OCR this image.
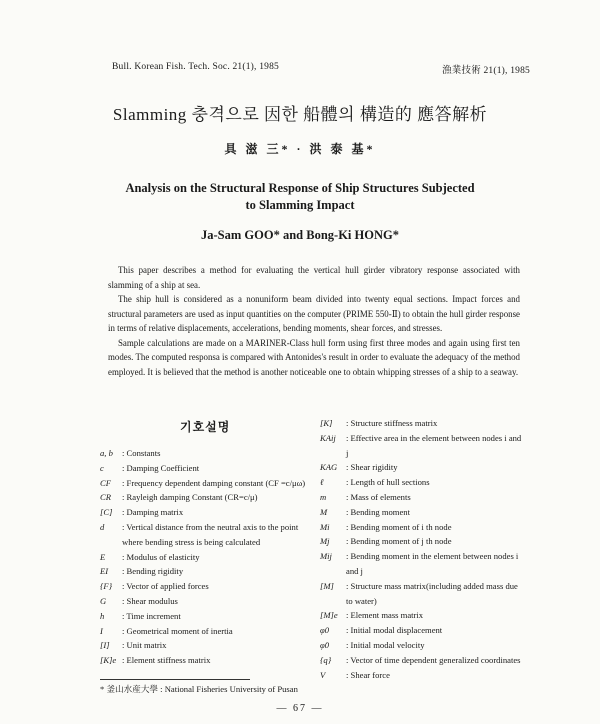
Bull. Korean Fish. Tech. Soc. 21(1), 1985	漁業技術 21(1), 1985
Slamming 충격으로 因한 船體의 構造的 應答解析
具 滋 三* · 洪 泰 基*
Analysis on the Structural Response of Ship Structures Subjected
to Slamming Impact
Ja-Sam GOO* and Bong-Ki HONG*

This paper describes a method for evaluating the vertical hull girder vibratory response associated with slamming of a ship at sea.

The ship hull is considered as a nonuniform beam divided into twenty equal sections. Impact forces and structural parameters are used as input quantities on the computer (PRIME 550-Ⅱ) to obtain the hull girder response in terms of relative displacements, accelerations, bending moments, shear forces, and stresses.

Sample calculations are made on a MARINER-Class hull form using first three modes and again using first ten modes. The computed responsa is compared with Antonides's result in order to evaluate the adequacy of the method employed. It is believed that the method is another noticeable one to obtain whipping stresses of a ship to a seaway.

기호설명
a, b	: Constants
c	: Damping Coefficient
CF	: Frequency dependent damping constant (CF =c/μω)
CR	: Rayleigh damping Constant (CR=c/μ)
[C]	: Damping matrix
d	: Vertical distance from the neutral axis to the point where bending stress is being calculated
E	: Modulus of elasticity
EI	: Bending rigidity
{F}	: Vector of applied forces
G	: Shear modulus
h	: Time increment
I	: Geometrical moment of inertia
[I]	: Unit matrix
[K]e	: Element stiffness matrix
[K]	: Structure stiffness matrix
KAij	: Effective area in the element between nodes i and j
KAG	: Shear rigidity
ℓ	: Length of hull sections
m	: Mass of elements
M	: Bending moment
Mi	: Bending moment of i th node
Mj	: Bending moment of j th node
Mij	: Bending moment in the element between nodes i and j
[M]	: Structure mass matrix(including added mass due to water)
[M]e	: Element mass matrix
φ0	: Initial modal displacement
φ̇0	: Initial modal velocity
{q}	: Vector of time dependent generalized coordinates
V	: Shear force
* 釜山水産大學 : National Fisheries University of Pusan
— 67 —
